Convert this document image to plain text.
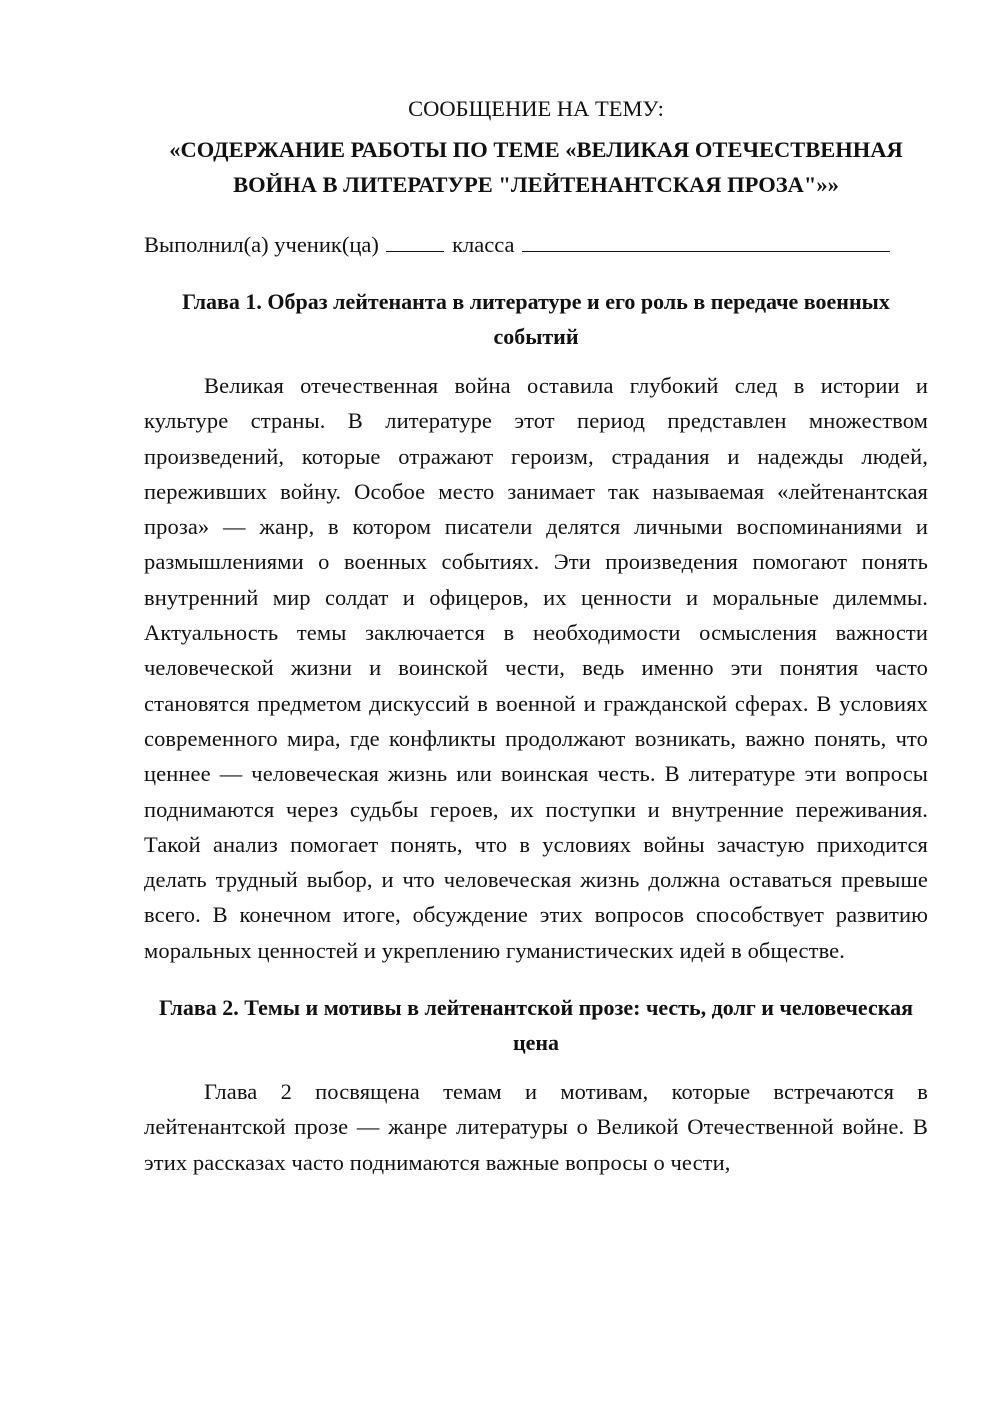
СООБЩЕНИЕ НА ТЕМУ:
«СОДЕРЖАНИЕ РАБОТЫ ПО ТЕМЕ «ВЕЛИКАЯ ОТЕЧЕСТВЕННАЯ ВОЙНА В ЛИТЕРАТУРЕ "ЛЕЙТЕНАНТСКАЯ ПРОЗА"»»

Выполнил(а) ученик(ца)	класса

Глава 1. Образ лейтенанта в литературе и его роль в передаче военных событий

Великая отечественная война оставила глубокий след в истории и культуре страны. В литературе этот период представлен множеством произведений, которые отражают героизм, страдания и надежды людей, переживших войну. Особое место занимает так называемая «лейтенантская проза» — жанр, в котором писатели делятся личными воспоминаниями и размышлениями о военных событиях. Эти произведения помогают понять внутренний мир солдат и офицеров, их ценности и моральные дилеммы. Актуальность темы заключается в необходимости осмысления важности человеческой жизни и воинской чести, ведь именно эти понятия часто становятся предметом дискуссий в военной и гражданской сферах. В условиях современного мира, где конфликты продолжают возникать, важно понять, что ценнее — человеческая жизнь или воинская честь. В литературе эти вопросы поднимаются через судьбы героев, их поступки и внутренние переживания. Такой анализ помогает понять, что в условиях войны зачастую приходится делать трудный выбор, и что человеческая жизнь должна оставаться превыше всего. В конечном итоге, обсуждение этих вопросов способствует развитию моральных ценностей и укреплению гуманистических идей в обществе.

Глава 2. Темы и мотивы в лейтенантской прозе: честь, долг и человеческая цена

Глава 2 посвящена темам и мотивам, которые встречаются в лейтенантской прозе — жанре литературы о Великой Отечественной войне. В этих рассказах часто поднимаются важные вопросы о чести,
